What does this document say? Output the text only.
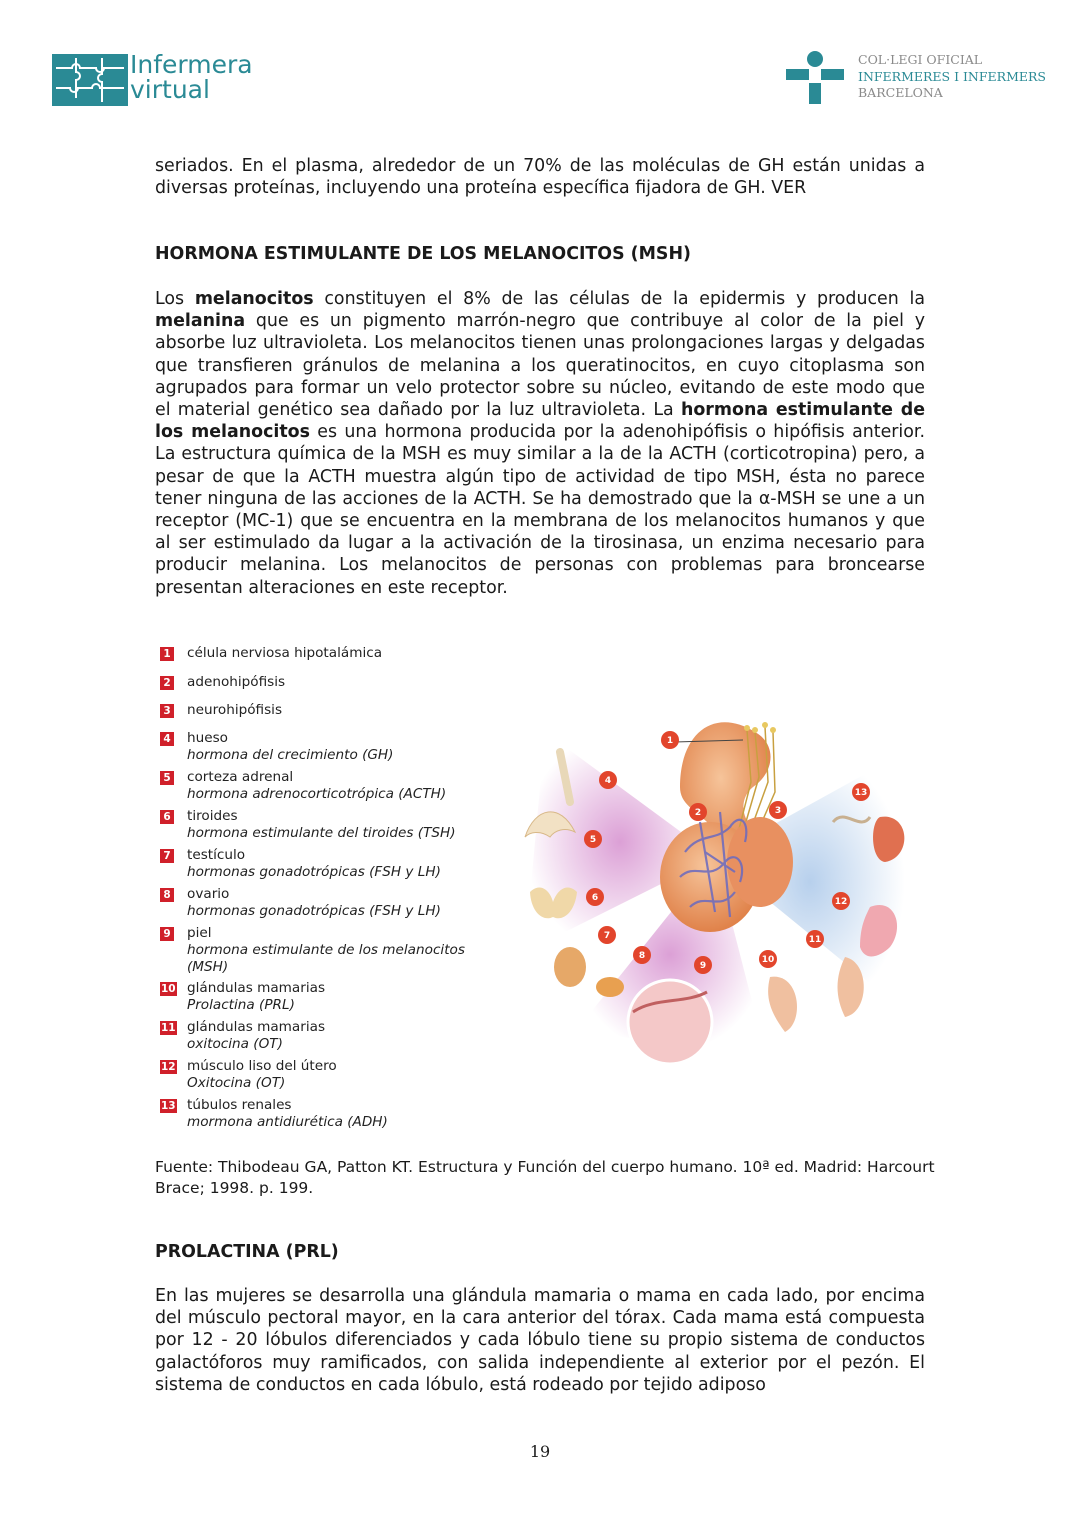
Infermera
virtual
COL·LEGI OFICIAL
INFERMERES I INFERMERS
BARCELONA
seriados. En el plasma, alrededor de un 70% de las moléculas de GH están unidas a diversas proteínas, incluyendo una proteína específica fijadora de GH. VER
HORMONA ESTIMULANTE DE LOS MELANOCITOS (MSH)
Los melanocitos constituyen el 8% de las células de la epidermis y producen la melanina que es un pigmento marrón-negro que contribuye al color de la piel y absorbe luz ultravioleta. Los melanocitos tienen unas prolongaciones largas y delgadas que transfieren gránulos de melanina a los queratinocitos, en cuyo citoplasma son agrupados para formar un velo protector sobre su núcleo, evitando de este modo que el material genético sea dañado por la luz ultravioleta. La hormona estimulante de los melanocitos es una hormona producida por la adenohipófisis o hipófisis anterior. La estructura química de la MSH es muy similar a la de la ACTH (corticotropina) pero, a pesar de que la ACTH muestra algún tipo de actividad de tipo MSH, ésta no parece tener ninguna de las acciones de la ACTH. Se ha demostrado que la α-MSH se une a un receptor (MC-1) que se encuentra en la membrana de los melanocitos humanos y que al ser estimulado da lugar a la activación de la tirosinasa, un enzima necesario para producir melanina. Los melanocitos de personas con problemas para broncearse presentan alteraciones en este receptor.
1 célula nerviosa hipotalámica
2 adenohipófisis
3 neurohipófisis
4 hueso
hormona del crecimiento (GH)
5 corteza adrenal
hormona adrenocorticotrópica (ACTH)
6 tiroides
hormona estimulante del tiroides (TSH)
7 testículo
hormonas gonadotrópicas (FSH y LH)
8 ovario
hormonas gonadotrópicas (FSH y LH)
9 piel
hormona estimulante de los melanocitos
(MSH)
10 glándulas mamarias
Prolactina (PRL)
11 glándulas mamarias
oxitocina (OT)
12 músculo liso del útero
Oxitocina (OT)
13 túbulos renales
mormona antidiurética (ADH)
1
2	3
4
5
6
7
8
9
10
11
12
13
Fuente: Thibodeau GA, Patton KT. Estructura y Función del cuerpo humano. 10ª ed. Madrid: Harcourt Brace; 1998. p. 199.
PROLACTINA (PRL)
En las mujeres se desarrolla una glándula mamaria o mama en cada lado, por encima del músculo pectoral mayor, en la cara anterior del tórax. Cada mama está compuesta por 12 - 20 lóbulos diferenciados y cada lóbulo tiene su propio sistema de conductos galactóforos muy ramificados, con salida independiente al exterior por el pezón. El sistema de conductos en cada lóbulo, está rodeado por tejido adiposo
19
